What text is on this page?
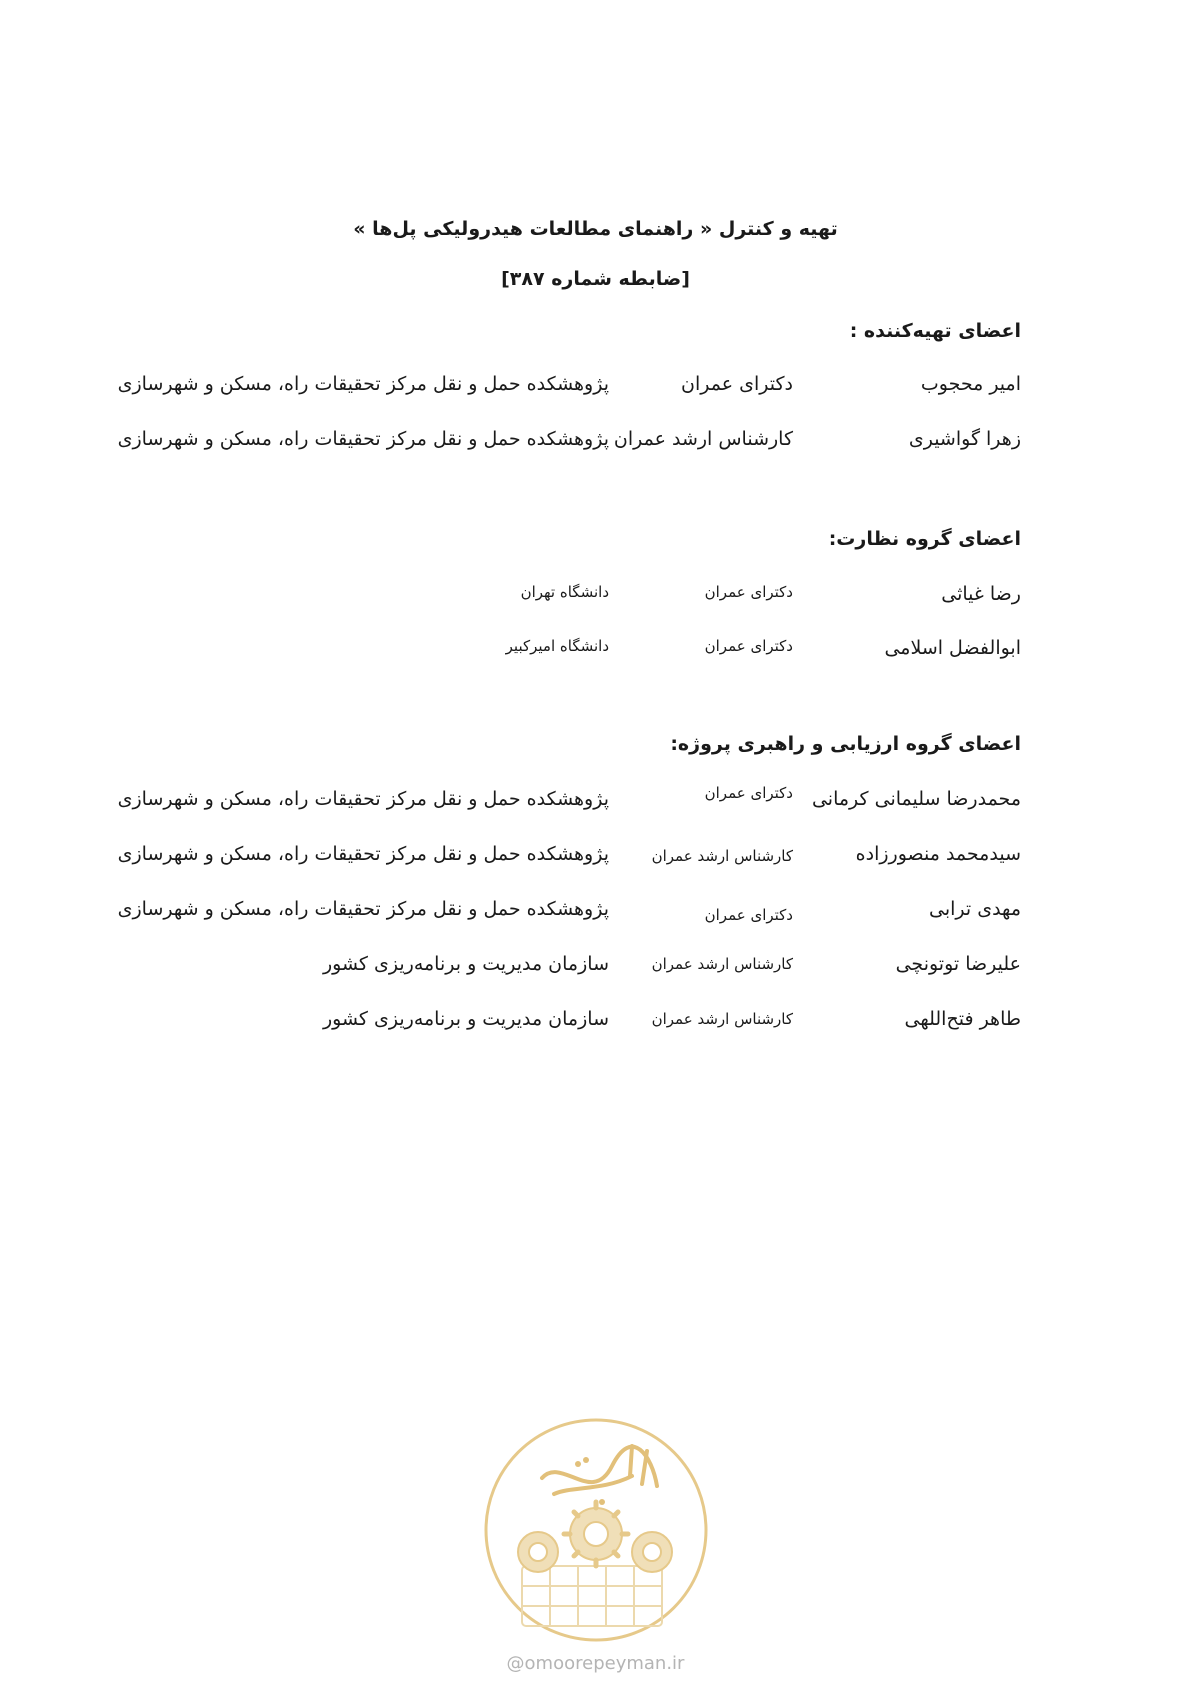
تهیه و کنترل « راهنمای مطالعات هیدرولیکی پل‌ها »
[ضابطه شماره ۳۸۷]
اعضای تهیه‌کننده :
امیر محجوب
دکترای عمران
پژوهشکده حمل و نقل مرکز تحقیقات راه، مسکن و شهرسازی
زهرا گواشیری
کارشناس ارشد عمران
پژوهشکده حمل و نقل مرکز تحقیقات راه، مسکن و شهرسازی
اعضای گروه نظارت:
رضا غیاثی
دکترای عمران
دانشگاه تهران
ابوالفضل اسلامی
دکترای عمران
دانشگاه امیرکبیر
اعضای گروه ارزیابی و راهبری پروژه:
محمدرضا سلیمانی کرمانی
دکترای عمران
پژوهشکده حمل و نقل مرکز تحقیقات راه، مسکن و شهرسازی
سیدمحمد منصورزاده
کارشناس ارشد عمران
پژوهشکده حمل و نقل مرکز تحقیقات راه، مسکن و شهرسازی
مهدی ترابی
دکترای عمران
پژوهشکده حمل و نقل مرکز تحقیقات راه، مسکن و شهرسازی
علیرضا توتونچی
کارشناس ارشد عمران
سازمان مدیریت و برنامه‌ریزی کشور
طاهر فتح‌اللهی
کارشناس ارشد عمران
سازمان مدیریت و برنامه‌ریزی کشور
@omoorepeyman.ir
